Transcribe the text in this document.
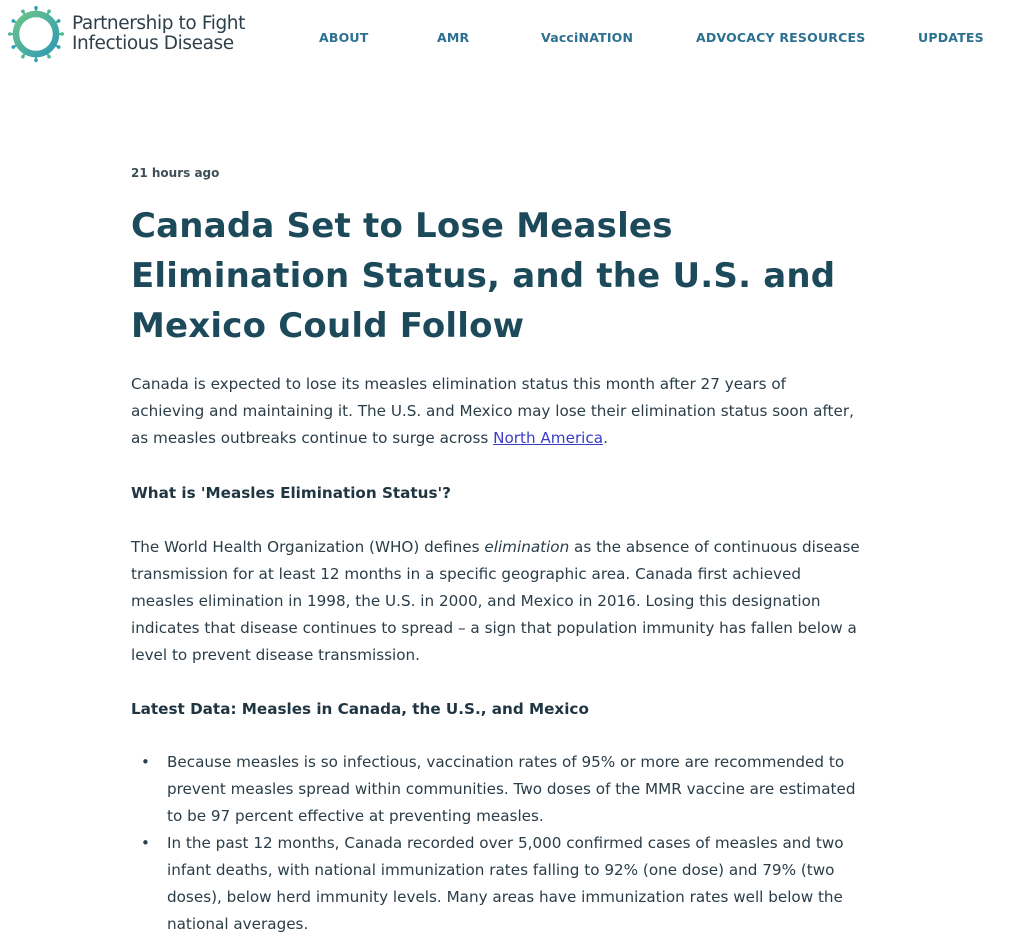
Partnership to Fight
Infectious Disease	ABOUT	AMR	VacciNATION	ADVOCACY RESOURCES	UPDATES
21 hours ago
Canada Set to Lose Measles Elimination Status, and the U.S. and Mexico Could Follow

Canada is expected to lose its measles elimination status this month after 27 years of achieving and maintaining it. The U.S. and Mexico may lose their elimination status soon after, as measles outbreaks continue to surge across North America.

What is 'Measles Elimination Status'?

The World Health Organization (WHO) defines elimination as the absence of continuous disease transmission for at least 12 months in a specific geographic area. Canada first achieved measles elimination in 1998, the U.S. in 2000, and Mexico in 2016. Losing this designation indicates that disease continues to spread – a sign that population immunity has fallen below a level to prevent disease transmission.

Latest Data: Measles in Canada, the U.S., and Mexico
• Because measles is so infectious, vaccination rates of 95% or more are recommended to prevent measles spread within communities. Two doses of the MMR vaccine are estimated to be 97 percent effective at preventing measles.
• In the past 12 months, Canada recorded over 5,000 confirmed cases of measles and two infant deaths, with national immunization rates falling to 92% (one dose) and 79% (two doses), below herd immunity levels. Many areas have immunization rates well below the national averages.
